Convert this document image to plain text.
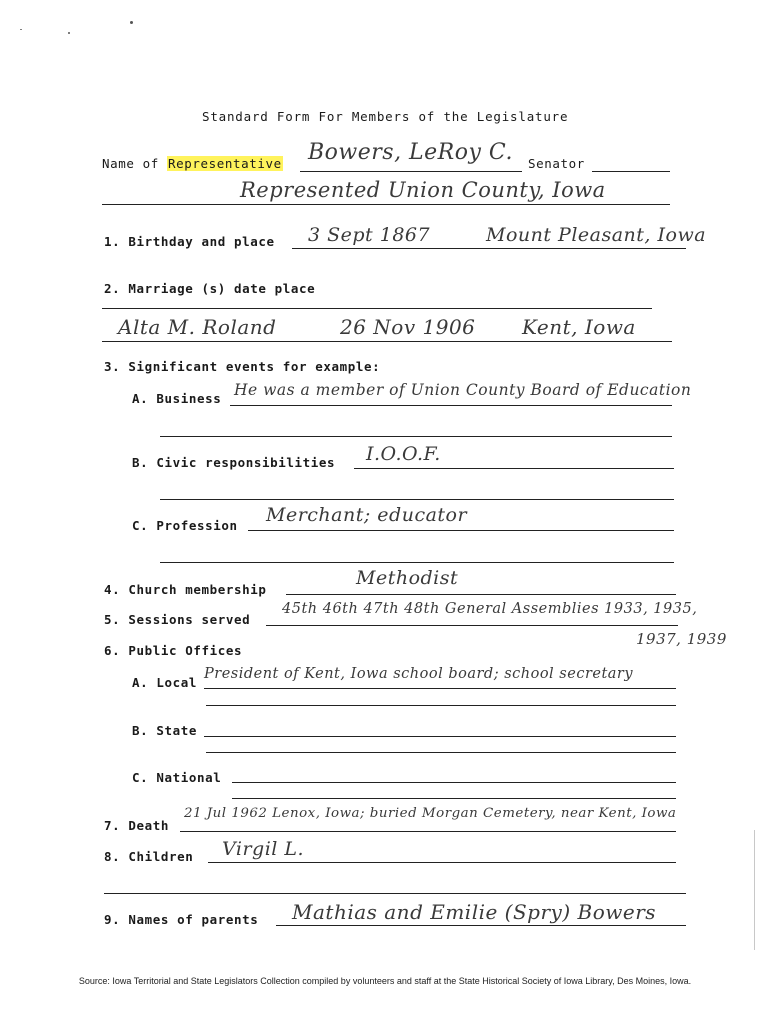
Standard Form For Members of the Legislature
Name of Representative Bowers, LeRoy C. Senator
Represented Union County, Iowa
1. Birthday and place 3 Sept 1867	Mount Pleasant, Iowa
2. Marriage (s) date place
Alta M. Roland	26 Nov 1906 Kent, Iowa
3. Significant events for example:
A. Business He was a member of Union County Board of Education
B. Civic responsibilities I.O.O.F.
C. Profession Merchant; educator
4. Church membership
Methodist
5. Sessions served
45th 46th 47th 48th General Assemblies 1933, 1935,
1937, 1939
6. Public Offices
A. Local
President of Kent, Iowa school board; school secretary
B. State
C. National
7. Death
21 Jul 1962 Lenox, Iowa; buried Morgan Cemetery, near Kent, Iowa
8. Children Virgil L.
9. Names of parents Mathias and Emilie (Spry) Bowers
Source: Iowa Territorial and State Legislators Collection compiled by volunteers and staff at the State Historical Society of Iowa Library, Des Moines, Iowa.
